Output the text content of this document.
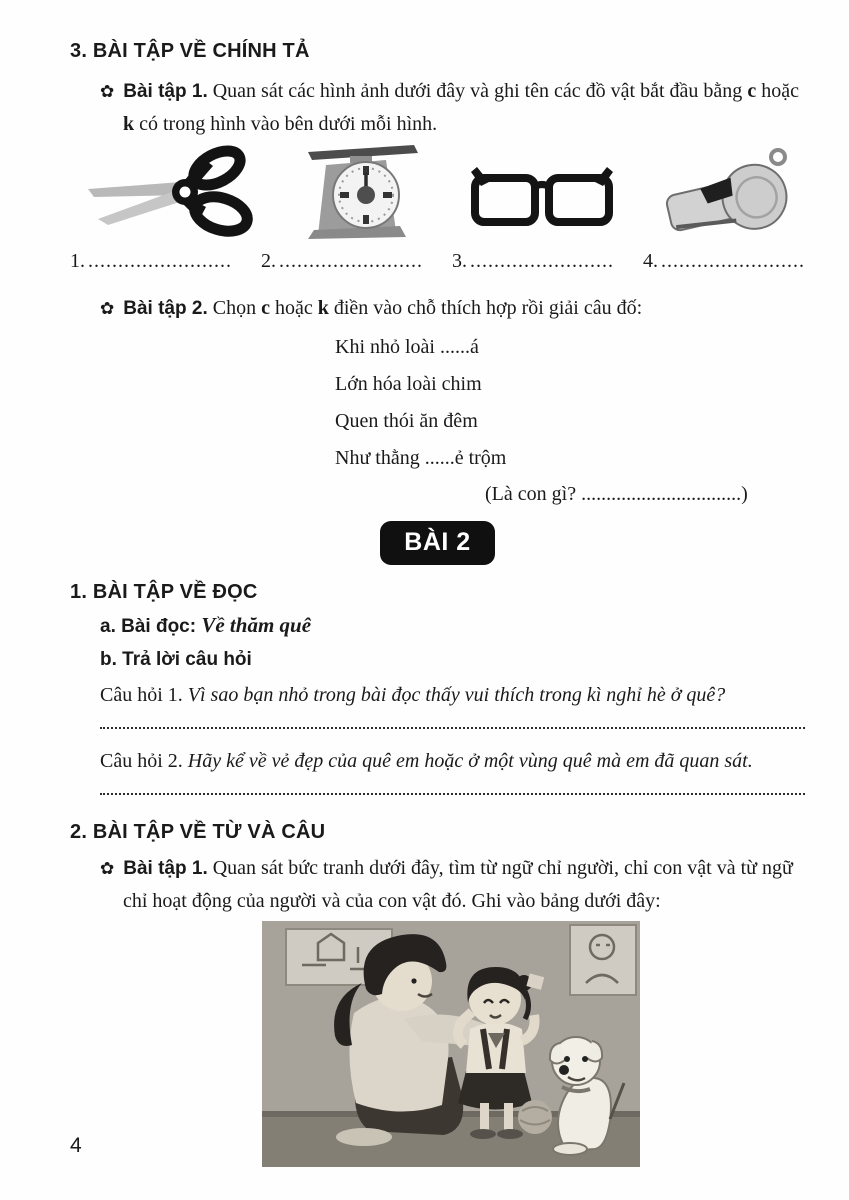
3. BÀI TẬP VỀ CHÍNH TẢ

✿ Bài tập 1. Quan sát các hình ảnh dưới đây và ghi tên các đồ vật bắt đầu bằng c hoặc k có trong hình vào bên dưới mỗi hình.

1. ........................ 2. ........................ 3. ........................ 4. ........................

✿ Bài tập 2. Chọn c hoặc k điền vào chỗ thích hợp rồi giải câu đố:

Khi nhỏ loài ......á
Lớn hóa loài chim
Quen thói ăn đêm
Như thằng ......ẻ trộm
(Là con gì? ................................)
BÀI 2
1. BÀI TẬP VỀ ĐỌC
a. Bài đọc: Về thăm quê
b. Trả lời câu hỏi

Câu hỏi 1. Vì sao bạn nhỏ trong bài đọc thấy vui thích trong kì nghỉ hè ở quê?

Câu hỏi 2. Hãy kể về vẻ đẹp của quê em hoặc ở một vùng quê mà em đã quan sát.

2. BÀI TẬP VỀ TỪ VÀ CÂU

✿ Bài tập 1. Quan sát bức tranh dưới đây, tìm từ ngữ chỉ người, chỉ con vật và từ ngữ chỉ hoạt động của người và của con vật đó. Ghi vào bảng dưới đây:

4
